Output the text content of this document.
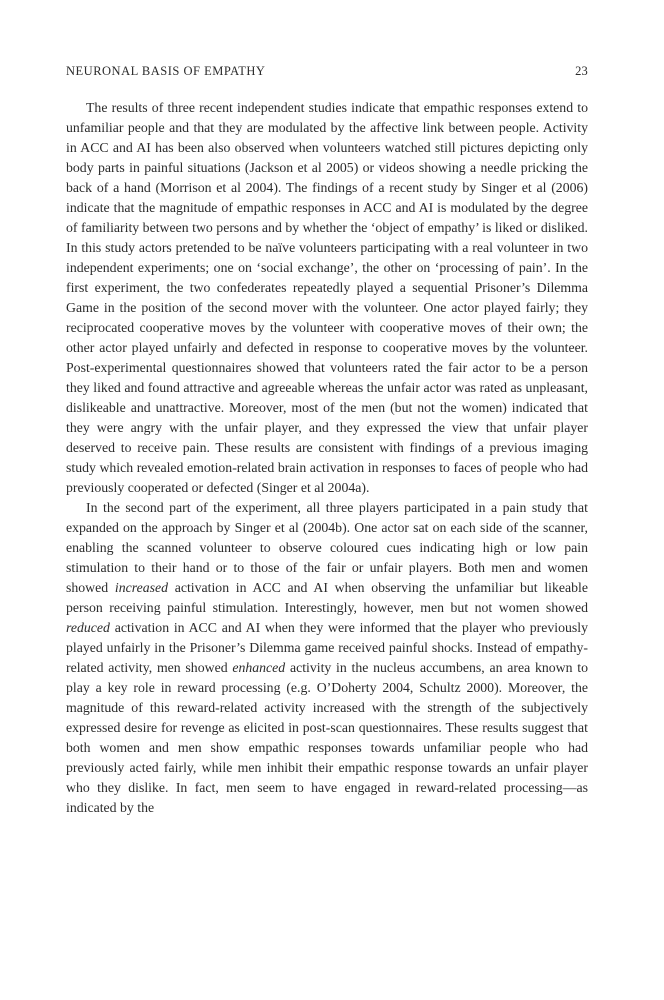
NEURONAL BASIS OF EMPATHY	23

The results of three recent independent studies indicate that empathic responses extend to unfamiliar people and that they are modulated by the affective link between people. Activity in ACC and AI has been also observed when volunteers watched still pictures depicting only body parts in painful situations (Jackson et al 2005) or videos showing a needle pricking the back of a hand (Morrison et al 2004). The findings of a recent study by Singer et al (2006) indicate that the magnitude of empathic responses in ACC and AI is modulated by the degree of familiarity between two persons and by whether the ‘object of empathy’ is liked or disliked. In this study actors pretended to be naïve volunteers participating with a real volunteer in two independent experiments; one on ‘social exchange’, the other on ‘processing of pain’. In the first experiment, the two confederates repeatedly played a sequential Prisoner’s Dilemma Game in the position of the second mover with the volunteer. One actor played fairly; they reciprocated cooperative moves by the volunteer with cooperative moves of their own; the other actor played unfairly and defected in response to cooperative moves by the volunteer. Post-experimental questionnaires showed that volunteers rated the fair actor to be a person they liked and found attractive and agreeable whereas the unfair actor was rated as unpleasant, dislikeable and unattractive. Moreover, most of the men (but not the women) indicated that they were angry with the unfair player, and they expressed the view that unfair player deserved to receive pain. These results are consistent with findings of a previous imaging study which revealed emotion-related brain activation in responses to faces of people who had previously cooperated or defected (Singer et al 2004a).

In the second part of the experiment, all three players participated in a pain study that expanded on the approach by Singer et al (2004b). One actor sat on each side of the scanner, enabling the scanned volunteer to observe coloured cues indicating high or low pain stimulation to their hand or to those of the fair or unfair players. Both men and women showed increased activation in ACC and AI when observing the unfamiliar but likeable person receiving painful stimulation. Interestingly, however, men but not women showed reduced activation in ACC and AI when they were informed that the player who previously played unfairly in the Prisoner’s Dilemma game received painful shocks. Instead of empathy-related activity, men showed enhanced activity in the nucleus accumbens, an area known to play a key role in reward processing (e.g. O’Doherty 2004, Schultz 2000). Moreover, the magnitude of this reward-related activity increased with the strength of the subjectively expressed desire for revenge as elicited in post-scan questionnaires. These results suggest that both women and men show empathic responses towards unfamiliar people who had previously acted fairly, while men inhibit their empathic response towards an unfair player who they dislike. In fact, men seem to have engaged in reward-related processing—as indicated by the
